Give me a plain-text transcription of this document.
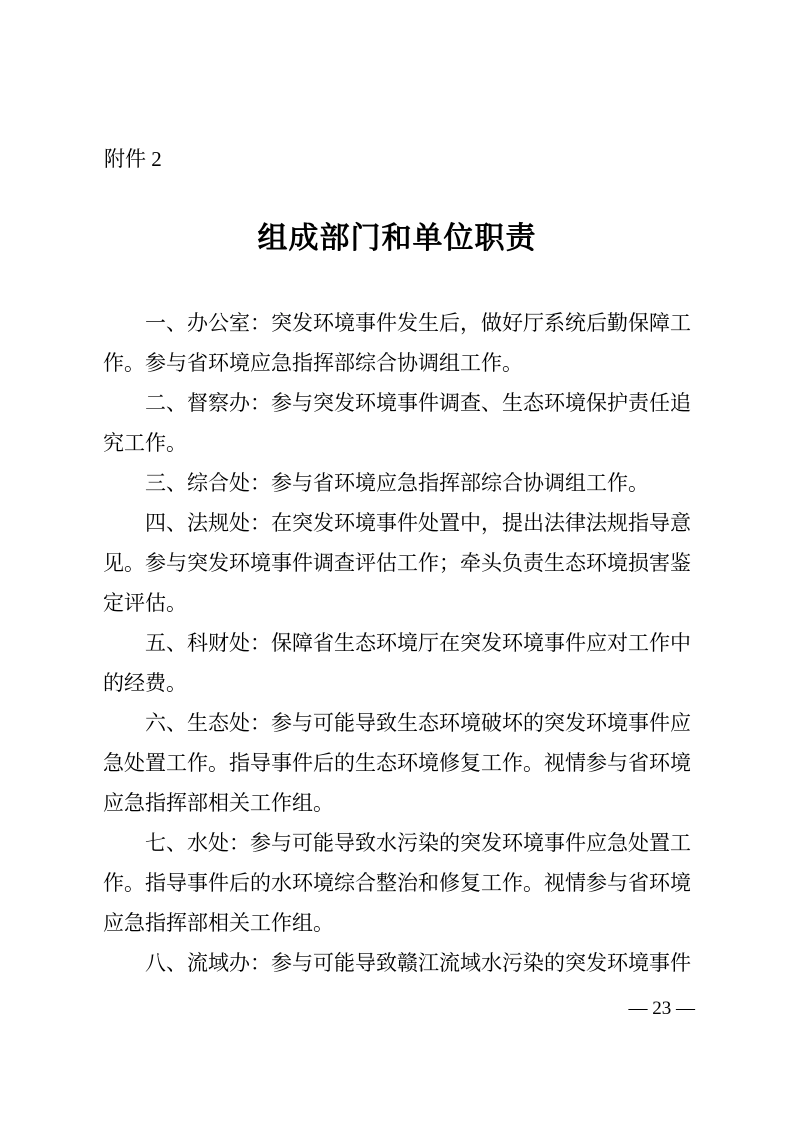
附件 2
组成部门和单位职责

一、办公室：突发环境事件发生后，做好厅系统后勤保障工作。参与省环境应急指挥部综合协调组工作。

二、督察办：参与突发环境事件调查、生态环境保护责任追究工作。

三、综合处：参与省环境应急指挥部综合协调组工作。

四、法规处：在突发环境事件处置中，提出法律法规指导意见。参与突发环境事件调查评估工作；牵头负责生态环境损害鉴定评估。

五、科财处：保障省生态环境厅在突发环境事件应对工作中的经费。

六、生态处：参与可能导致生态环境破坏的突发环境事件应急处置工作。指导事件后的生态环境修复工作。视情参与省环境应急指挥部相关工作组。

七、水处：参与可能导致水污染的突发环境事件应急处置工作。指导事件后的水环境综合整治和修复工作。视情参与省环境应急指挥部相关工作组。

八、流域办：参与可能导致赣江流域水污染的突发环境事件

— 23 —
